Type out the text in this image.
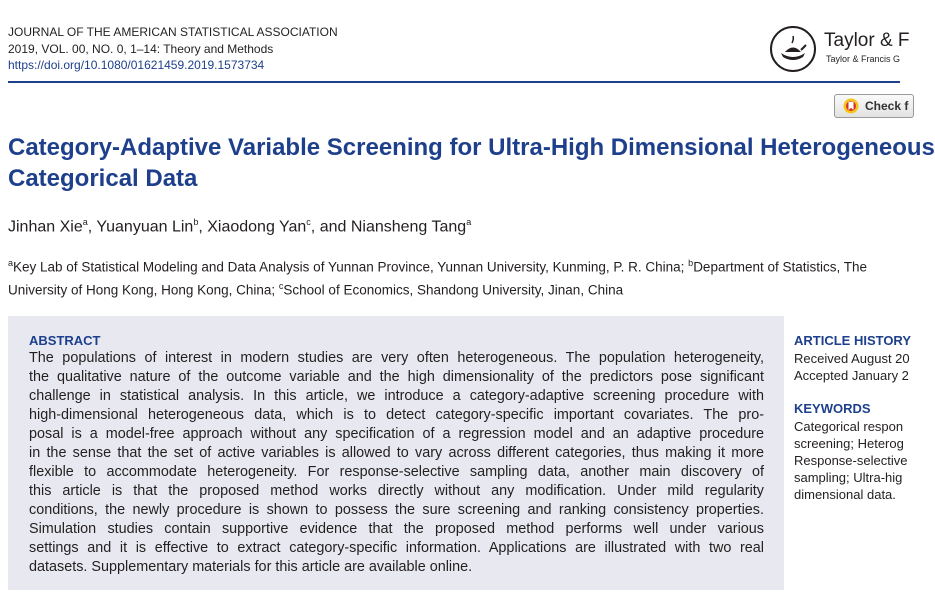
JOURNAL OF THE AMERICAN STATISTICAL ASSOCIATION
2019, VOL. 00, NO. 0, 1–14: Theory and Methods
https://doi.org/10.1080/01621459.2019.1573734
Taylor & F
Taylor & Francis G
Check f
Category-Adaptive Variable Screening for Ultra-High Dimensional Heterogeneous
Categorical Data
Jinhan Xie$^a$, Yuanyuan Lin$^b$, Xiaodong Yan$^c$, and Niansheng Tang$^a$
$^a$Key Lab of Statistical Modeling and Data Analysis of Yunnan Province, Yunnan University, Kunming, P. R. China; $^b$Department of Statistics, The
University of Hong Kong, Hong Kong, China; $^c$School of Economics, Shandong University, Jinan, China
ABSTRACT
The populations of interest in modern studies are very often heterogeneous. The population heterogeneity,
the qualitative nature of the outcome variable and the high dimensionality of the predictors pose significant
challenge in statistical analysis. In this article, we introduce a category-adaptive screening procedure with
high-dimensional heterogeneous data, which is to detect category-specific important covariates. The pro-
posal is a model-free approach without any specification of a regression model and an adaptive procedure
in the sense that the set of active variables is allowed to vary across different categories, thus making it more
flexible to accommodate heterogeneity. For response-selective sampling data, another main discovery of
this article is that the proposed method works directly without any modification. Under mild regularity
conditions, the newly procedure is shown to possess the sure screening and ranking consistency properties.
Simulation studies contain supportive evidence that the proposed method performs well under various
settings and it is effective to extract category-specific information. Applications are illustrated with two real
datasets. Supplementary materials for this article are available online.
ARTICLE HISTORY
Received August 20
Accepted January 2
KEYWORDS
Categorical respon
screening; Heterog
Response-selective
sampling; Ultra-hig
dimensional data.
